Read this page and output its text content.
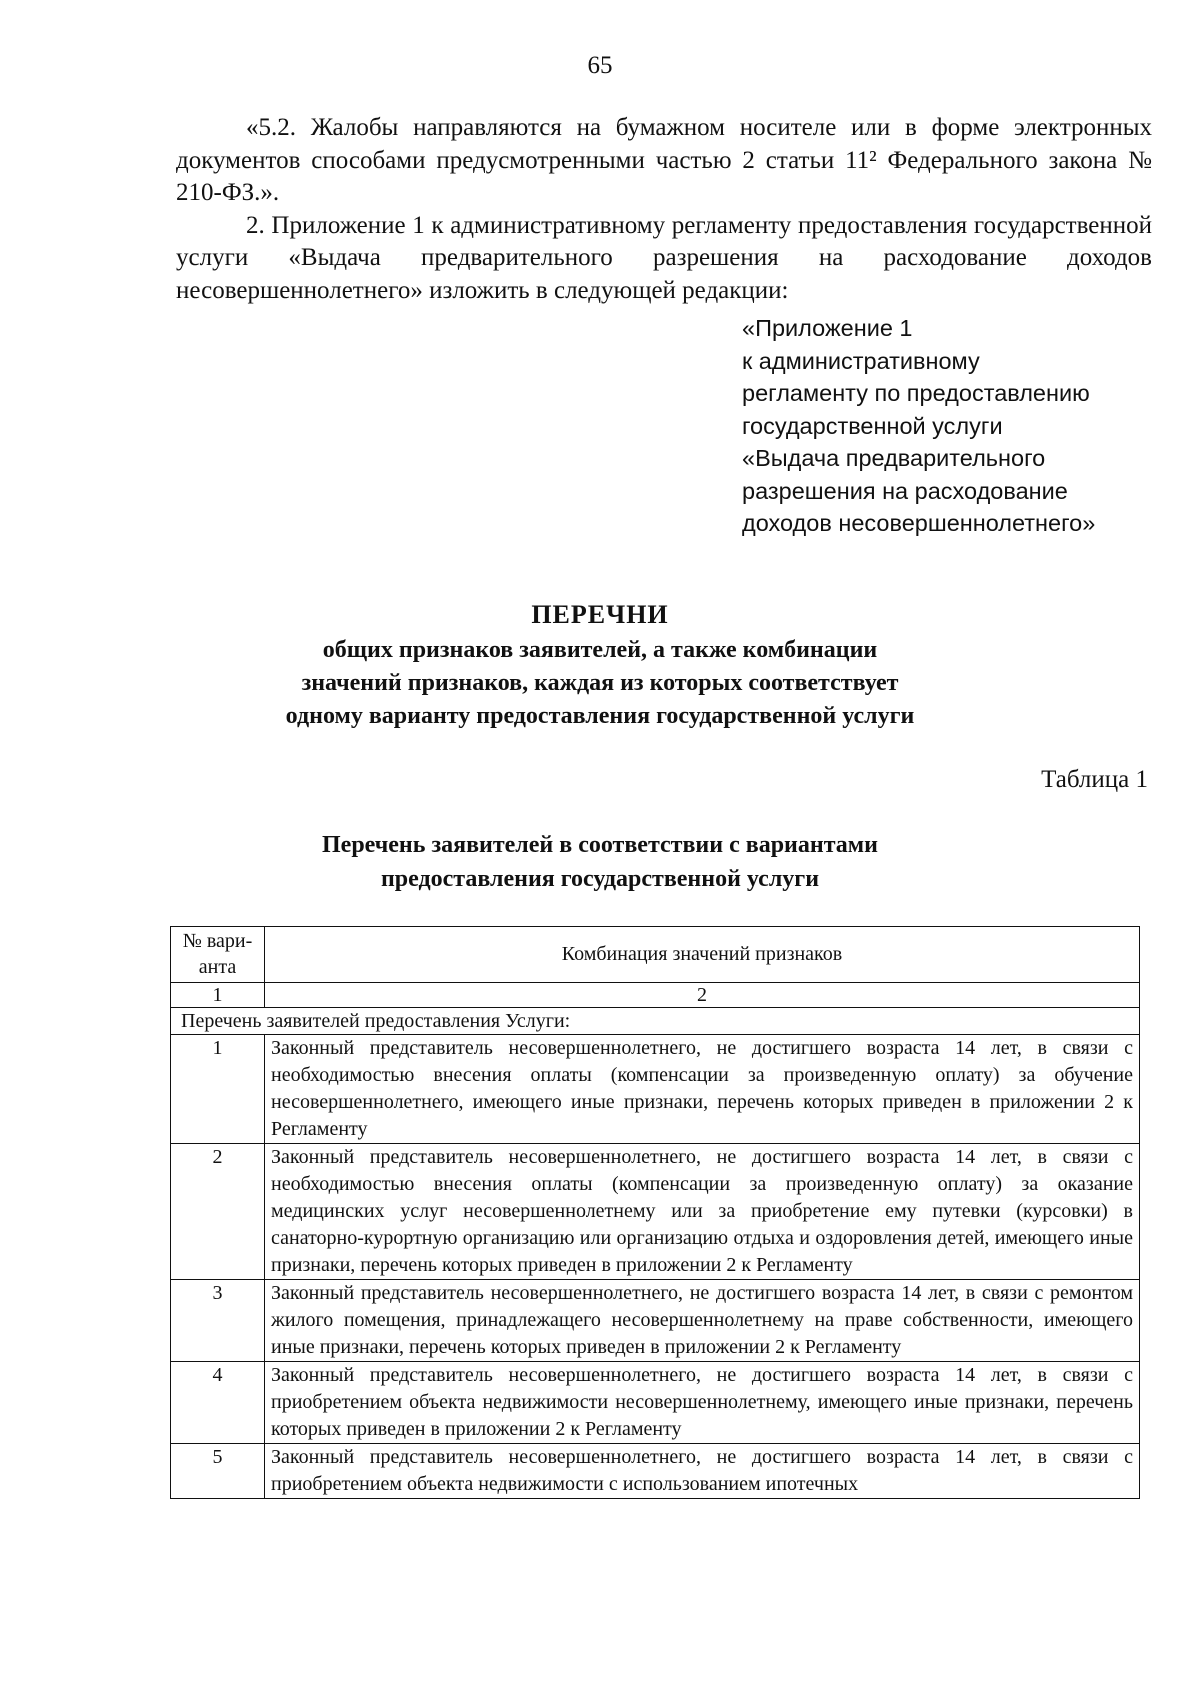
65

«5.2. Жалобы направляются на бумажном носителе или в форме электронных документов способами предусмотренными частью 2 статьи 11² Федерального закона № 210-ФЗ.».

2. Приложение 1 к административному регламенту предоставления государственной услуги «Выдача предварительного разрешения на расходование доходов несовершеннолетнего» изложить в следующей редакции:

«Приложение 1
к административному
регламенту по предоставлению
государственной услуги
«Выдача предварительного
разрешения на расходование
доходов несовершеннолетнего»
ПЕРЕЧНИ
общих признаков заявителей, а также комбинации
значений признаков, каждая из которых соответствует
одному варианту предоставления государственной услуги
Таблица 1
Перечень заявителей в соответствии с вариантами
предоставления государственной услуги
№ вари-
анта	Комбинация значений признаков
1	2
Перечень заявителей предоставления Услуги:	
1	Законный представитель несовершеннолетнего, не достигшего возраста 14 лет, в связи с необходимостью внесения оплаты (компенсации за произведенную оплату) за обучение несовершеннолетнего, имеющего иные признаки, перечень которых приведен в приложении 2 к Регламенту
2	Законный представитель несовершеннолетнего, не достигшего возраста 14 лет, в связи с необходимостью внесения оплаты (компенсации за произведенную оплату) за оказание медицинских услуг несовершеннолетнему или за приобретение ему путевки (курсовки) в санаторно-курортную организацию или организацию отдыха и оздоровления детей, имеющего иные признаки, перечень которых приведен в приложении 2 к Регламенту
3	Законный представитель несовершеннолетнего, не достигшего возраста 14 лет, в связи с ремонтом жилого помещения, принадлежащего несовершеннолетнему на праве собственности, имеющего иные признаки, перечень которых приведен в приложении 2 к Регламенту
4	Законный представитель несовершеннолетнего, не достигшего возраста 14 лет, в связи с приобретением объекта недвижимости несовершеннолетнему, имеющего иные признаки, перечень которых приведен в приложении 2 к Регламенту
5	Законный представитель несовершеннолетнего, не достигшего возраста 14 лет, в связи с приобретением объекта недвижимости с использованием ипотечных
